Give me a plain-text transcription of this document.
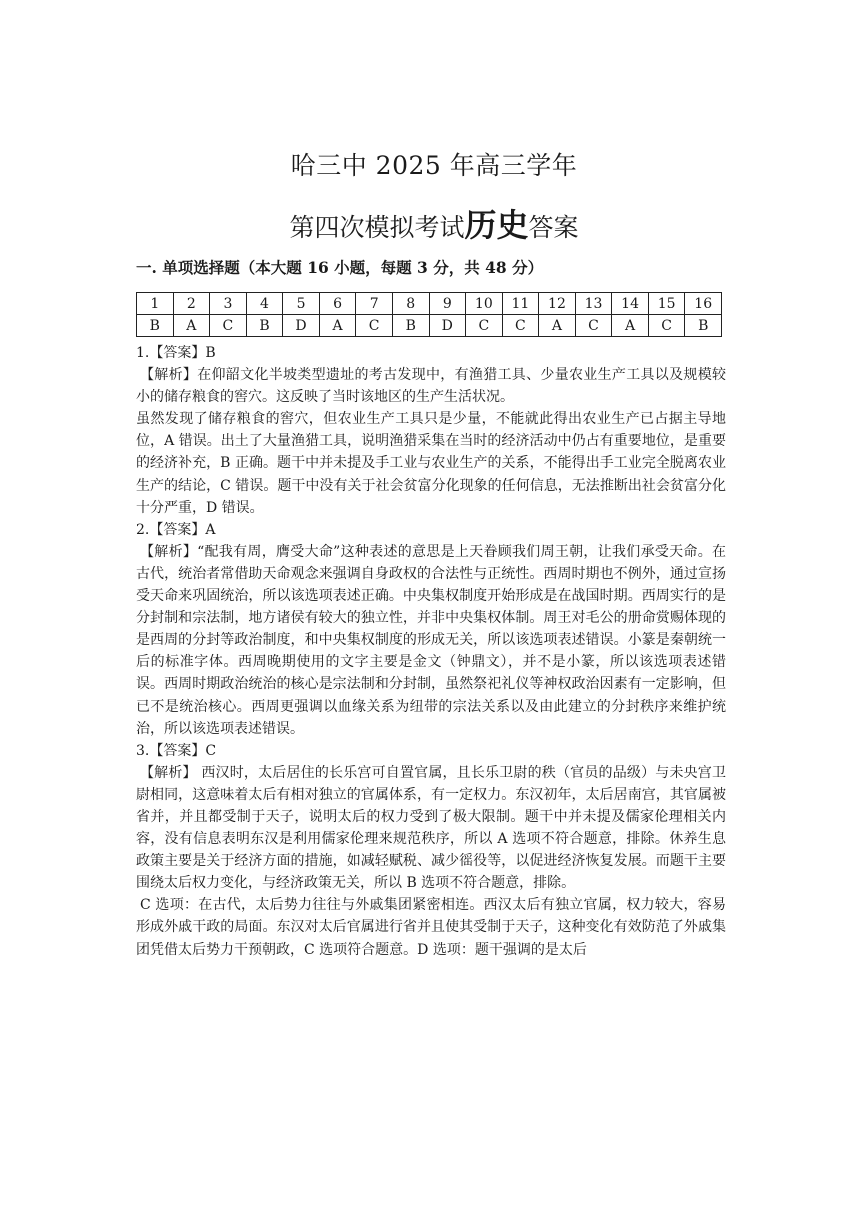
哈三中 2025 年高三学年
第四次模拟考试历史答案
一. 单项选择题（本大题 16 小题，每题 3 分，共 48 分）
1	2	3	4	5	6	7	8	9	10	11	12	13	14	15	16
B	A	C	B	D	A	C	B	D	C	C	A	C	A	C	B

1.【答案】B

【解析】在仰韶文化半坡类型遗址的考古发现中，有渔猎工具、少量农业生产工具以及规模较小的储存粮食的窖穴。这反映了当时该地区的生产生活状况。

虽然发现了储存粮食的窖穴，但农业生产工具只是少量，不能就此得出农业生产已占据主导地位，A 错误。出土了大量渔猎工具，说明渔猎采集在当时的经济活动中仍占有重要地位，是重要的经济补充，B 正确。题干中并未提及手工业与农业生产的关系，不能得出手工业完全脱离农业生产的结论，C 错误。题干中没有关于社会贫富分化现象的任何信息，无法推断出社会贫富分化十分严重，D 错误。

2.【答案】A

【解析】“配我有周，膺受大命”这种表述的意思是上天眷顾我们周王朝，让我们承受天命。在古代，统治者常借助天命观念来强调自身政权的合法性与正统性。西周时期也不例外，通过宣扬受天命来巩固统治，所以该选项表述正确。中央集权制度开始形成是在战国时期。西周实行的是分封制和宗法制，地方诸侯有较大的独立性，并非中央集权体制。周王对毛公的册命赏赐体现的是西周的分封等政治制度，和中央集权制度的形成无关，所以该选项表述错误。小篆是秦朝统一后的标准字体。西周晚期使用的文字主要是金文（钟鼎文），并不是小篆，所以该选项表述错误。西周时期政治统治的核心是宗法制和分封制，虽然祭祀礼仪等神权政治因素有一定影响，但已不是统治核心。西周更强调以血缘关系为纽带的宗法关系以及由此建立的分封秩序来维护统治，所以该选项表述错误。

3.【答案】C

【解析】 西汉时，太后居住的长乐宫可自置官属，且长乐卫尉的秩（官员的品级）与未央宫卫尉相同，这意味着太后有相对独立的官属体系，有一定权力。东汉初年，太后居南宫，其官属被省并，并且都受制于天子，说明太后的权力受到了极大限制。题干中并未提及儒家伦理相关内容，没有信息表明东汉是利用儒家伦理来规范秩序，所以 A 选项不符合题意，排除。休养生息政策主要是关于经济方面的措施，如减轻赋税、减少徭役等，以促进经济恢复发展。而题干主要围绕太后权力变化，与经济政策无关，所以 B 选项不符合题意，排除。

C 选项：在古代，太后势力往往与外戚集团紧密相连。西汉太后有独立官属，权力较大，容易形成外戚干政的局面。东汉对太后官属进行省并且使其受制于天子，这种变化有效防范了外戚集团凭借太后势力干预朝政，C 选项符合题意。D 选项：题干强调的是太后
